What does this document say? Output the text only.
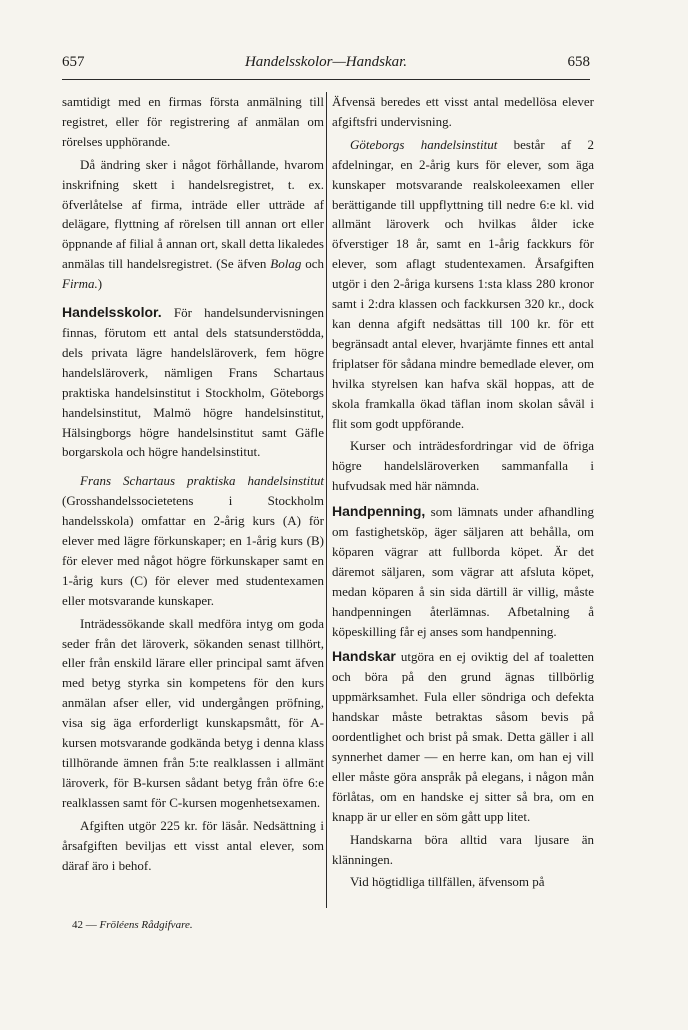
657	Handelsskolor—Handskar.	658

samtidigt med en firmas första anmälning till registret, eller för registrering af anmälan om rörelses upphörande.

Då ändring sker i något förhållande, hvarom inskrifning skett i handelsregistret, t. ex. öfverlåtelse af firma, inträde eller utträde af delägare, flyttning af rörelsen till annan ort eller öppnande af filial å annan ort, skall detta likaledes anmälas till handelsregistret. (Se äfven Bolag och Firma.)

Handelsskolor. För handelsundervisningen finnas, förutom ett antal dels statsunderstödda, dels privata lägre handelsläroverk, fem högre handelsläroverk, nämligen Frans Schartaus praktiska handelsinstitut i Stockholm, Göteborgs handelsinstitut, Malmö högre handelsinstitut, Hälsingborgs högre handelsinstitut samt Gäfle borgarskola och högre handelsinstitut.

Frans Schartaus praktiska handelsinstitut (Grosshandelssocietetens i Stockholm handelsskola) omfattar en 2-årig kurs (A) för elever med lägre förkunskaper; en 1-årig kurs (B) för elever med något högre förkunskaper samt en 1-årig kurs (C) för elever med studentexamen eller motsvarande kunskaper.

Inträdessökande skall medföra intyg om goda seder från det läroverk, sökanden senast tillhört, eller från enskild lärare eller principal samt äfven med betyg styrka sin kompetens för den kurs anmälan afser eller, vid undergången pröfning, visa sig äga erforderligt kunskapsmått, för A-kursen motsvarande godkända betyg i denna klass tillhörande ämnen från 5:te realklassen i allmänt läroverk, för B-kursen sådant betyg från öfre 6:e realklassen samt för C-kursen mogenhetsexamen.

Afgiften utgör 225 kr. för läsår. Nedsättning i årsafgiften beviljas ett visst antal elever, som däraf äro i behof.

Äfvensä beredes ett visst antal medellösa elever afgiftsfri undervisning.

Göteborgs handelsinstitut består af 2 afdelningar, en 2-årig kurs för elever, som äga kunskaper motsvarande realskoleexamen eller berättigande till uppflyttning till nedre 6:e kl. vid allmänt läroverk och hvilkas ålder icke öfverstiger 18 år, samt en 1-årig fackkurs för elever, som aflagt studentexamen. Årsafgiften utgör i den 2-åriga kursens 1:sta klass 280 kronor samt i 2:dra klassen och fackkursen 320 kr., dock kan denna afgift nedsättas till 100 kr. för ett begränsadt antal elever, hvarjämte finnes ett antal friplatser för sådana mindre bemedlade elever, om hvilka styrelsen kan hafva skäl hoppas, att de skola framkalla ökad täflan inom skolan såväl i flit som godt uppförande.

Kurser och inträdesfordringar vid de öfriga högre handelsläroverken sammanfalla i hufvudsak med här nämnda.

Handpenning, som lämnats under afhandling om fastighetsköp, äger säljaren att behålla, om köparen vägrar att fullborda köpet. Är det däremot säljaren, som vägrar att afsluta köpet, medan köparen å sin sida därtill är villig, måste handpenningen återlämnas. Afbetalning å köpeskilling får ej anses som handpenning.

Handskar utgöra en ej oviktig del af toaletten och böra på den grund ägnas tillbörlig uppmärksamhet. Fula eller söndriga och defekta handskar måste betraktas såsom bevis på oordentlighet och brist på smak. Detta gäller i all synnerhet damer — en herre kan, om han ej vill eller måste göra anspråk på elegans, i någon mån förlåtas, om en handske ej sitter så bra, om en knapp är ur eller en söm gått upp litet.

Handskarna böra alltid vara ljusare än klänningen.

Vid högtidliga tillfällen, äfvensom på

42 — Fröléens Rådgifvare.
